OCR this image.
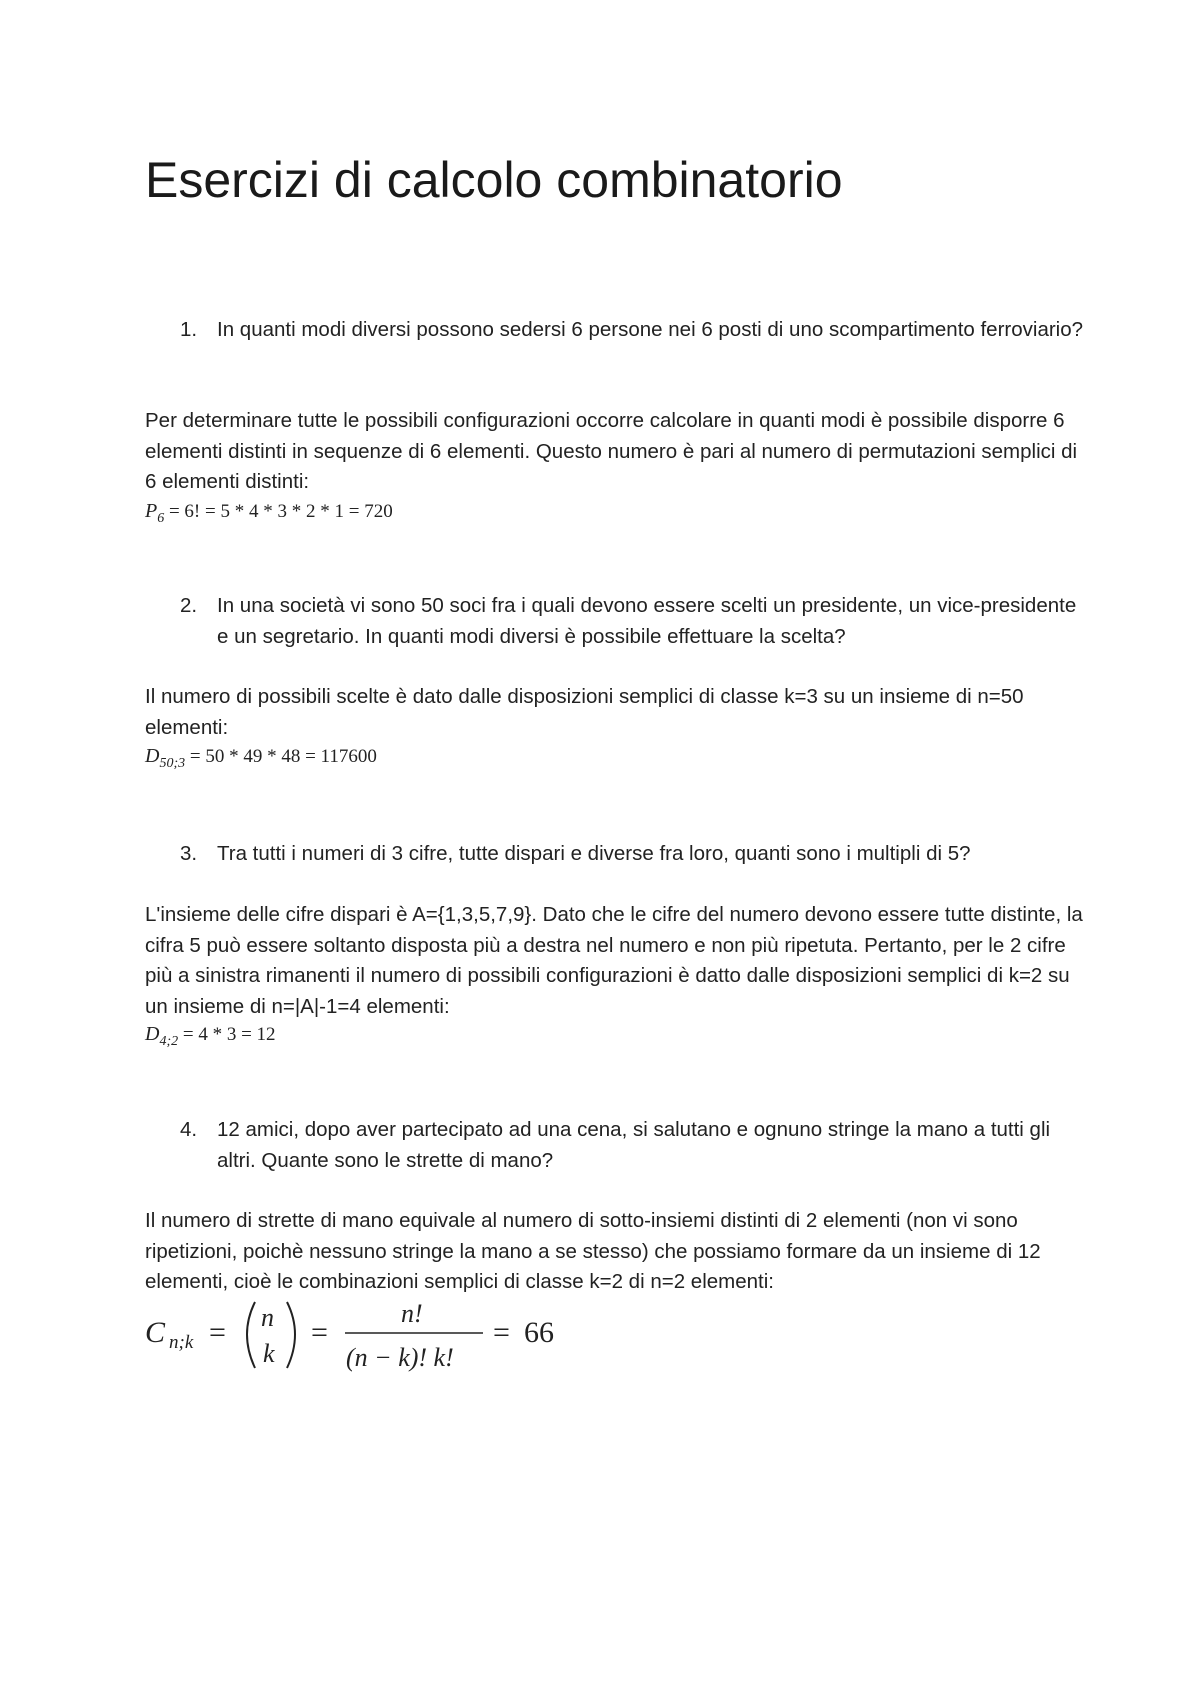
Esercizi di calcolo combinatorio
1. In quanti modi diversi possono sedersi 6 persone nei 6 posti di uno scompartimento ferroviario?

Per determinare tutte le possibili configurazioni occorre calcolare in quanti modi è possibile disporre 6 elementi distinti in sequenze di 6 elementi. Questo numero è pari al numero di permutazioni semplici di 6 elementi distinti:

$P_6 = 6$! = 5 * 4 * 3 * 2 * 1 = 720
2. In una società vi sono 50 soci fra i quali devono essere scelti un presidente, un vice-presidente e un segretario. In quanti modi diversi è possibile effettuare la scelta?

Il numero di possibili scelte è dato dalle disposizioni semplici di classe k=3 su un insieme di n=50 elementi:

$D_{50;3} = 50 * 49 * 48 = 117600$
3. Tra tutti i numeri di 3 cifre, tutte dispari e diverse fra loro, quanti sono i multipli di 5?

L'insieme delle cifre dispari è A={1,3,5,7,9}. Dato che le cifre del numero devono essere tutte distinte, la cifra 5 può essere soltanto disposta più a destra nel numero e non più ripetuta. Pertanto, per le 2 cifre più a sinistra rimanenti il numero di possibili configurazioni è datto dalle disposizioni semplici di k=2 su un insieme di n=|A|-1=4 elementi:

$D_{4;2} = 4 * 3 = 12$
4. 12 amici, dopo aver partecipato ad una cena, si salutano e ognuno stringe la mano a tutti gli altri. Quante sono le strette di mano?

Il numero di strette di mano equivale al numero di sotto-insiemi distinti di 2 elementi (non vi sono ripetizioni, poichè nessuno stringe la mano a se stesso) che possiamo formare da un insieme di 12 elementi, cioè le combinazioni semplici di classe k=2 di n=2 elementi:

C n;k = n
k
=
n!
(n − k)! k!
= 66
